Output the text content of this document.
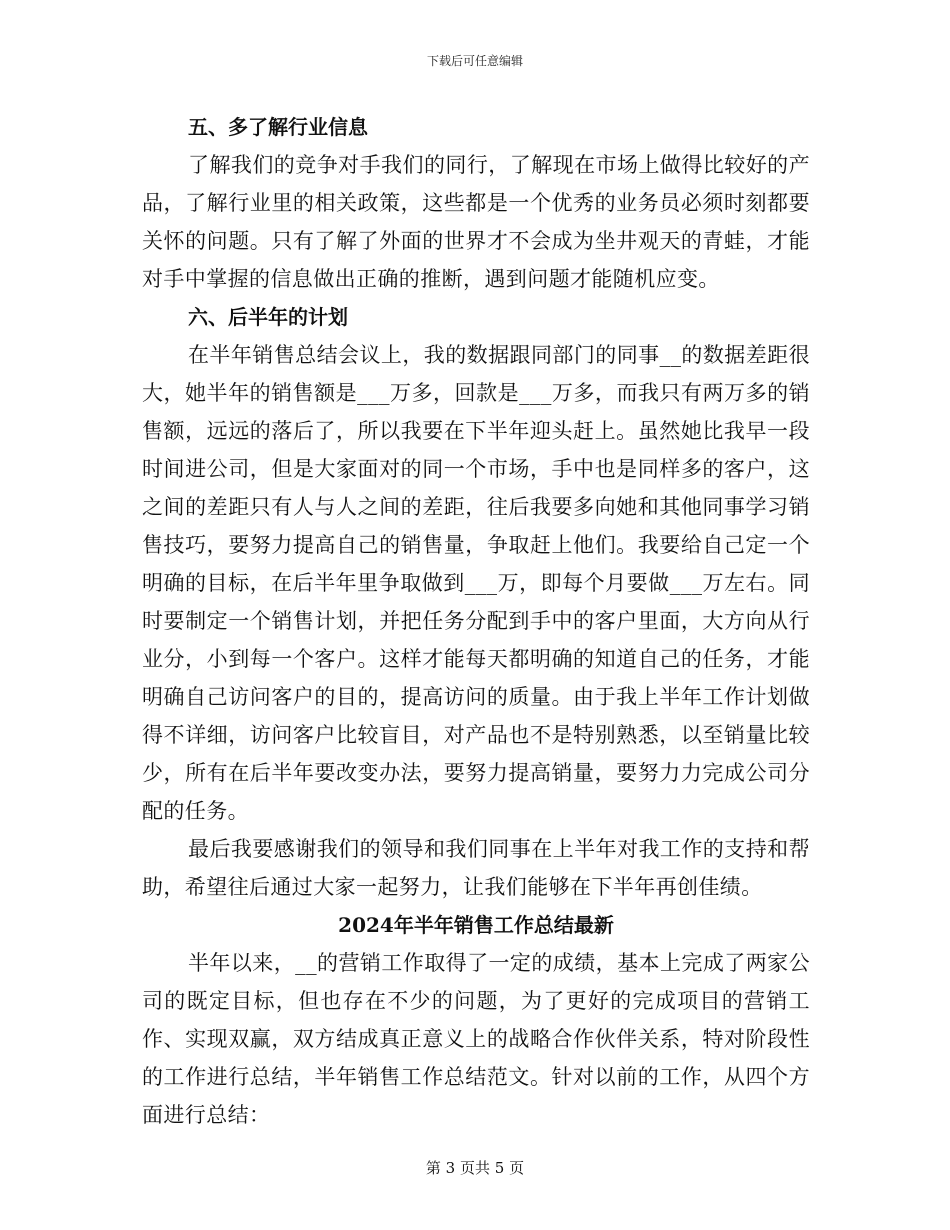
下载后可任意编辑
五、多了解行业信息

了解我们的竞争对手我们的同行，了解现在市场上做得比较好的产品，了解行业里的相关政策，这些都是一个优秀的业务员必须时刻都要关怀的问题。只有了解了外面的世界才不会成为坐井观天的青蛙，才能对手中掌握的信息做出正确的推断，遇到问题才能随机应变。

六、后半年的计划

在半年销售总结会议上，我的数据跟同部门的同事__的数据差距很大，她半年的销售额是___万多，回款是___万多，而我只有两万多的销售额，远远的落后了，所以我要在下半年迎头赶上。虽然她比我早一段时间进公司，但是大家面对的同一个市场，手中也是同样多的客户，这之间的差距只有人与人之间的差距，往后我要多向她和其他同事学习销售技巧，要努力提高自己的销售量，争取赶上他们。我要给自己定一个明确的目标，在后半年里争取做到___万，即每个月要做___万左右。同时要制定一个销售计划，并把任务分配到手中的客户里面，大方向从行业分，小到每一个客户。这样才能每天都明确的知道自己的任务，才能明确自己访问客户的目的，提高访问的质量。由于我上半年工作计划做得不详细，访问客户比较盲目，对产品也不是特别熟悉，以至销量比较少，所有在后半年要改变办法，要努力提高销量，要努力力完成公司分配的任务。

最后我要感谢我们的领导和我们同事在上半年对我工作的支持和帮助，希望往后通过大家一起努力，让我们能够在下半年再创佳绩。

2024年半年销售工作总结最新

半年以来，__的营销工作取得了一定的成绩，基本上完成了两家公司的既定目标，但也存在不少的问题，为了更好的完成项目的营销工作、实现双赢，双方结成真正意义上的战略合作伙伴关系，特对阶段性的工作进行总结，半年销售工作总结范文。针对以前的工作，从四个方面进行总结：

第 3 页共 5 页
